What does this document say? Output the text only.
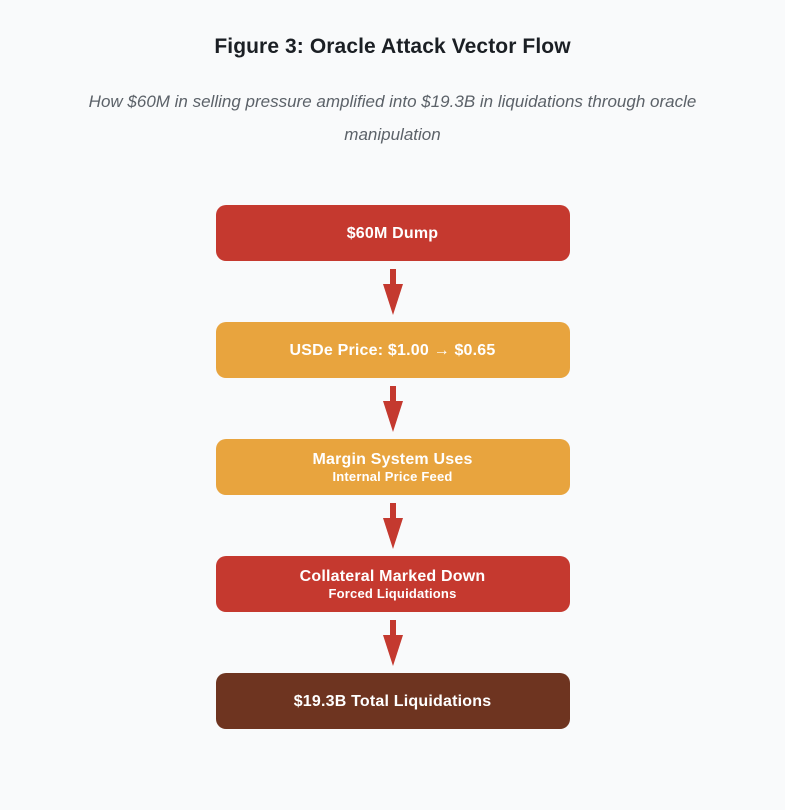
Figure 3: Oracle Attack Vector Flow

How $60M in selling pressure amplified into $19.3B in liquidations through oracle manipulation

$60M Dump
USDe Price: $1.00 → $0.65
Margin System Uses
Internal Price Feed
Collateral Marked Down
Forced Liquidations
$19.3B Total Liquidations
